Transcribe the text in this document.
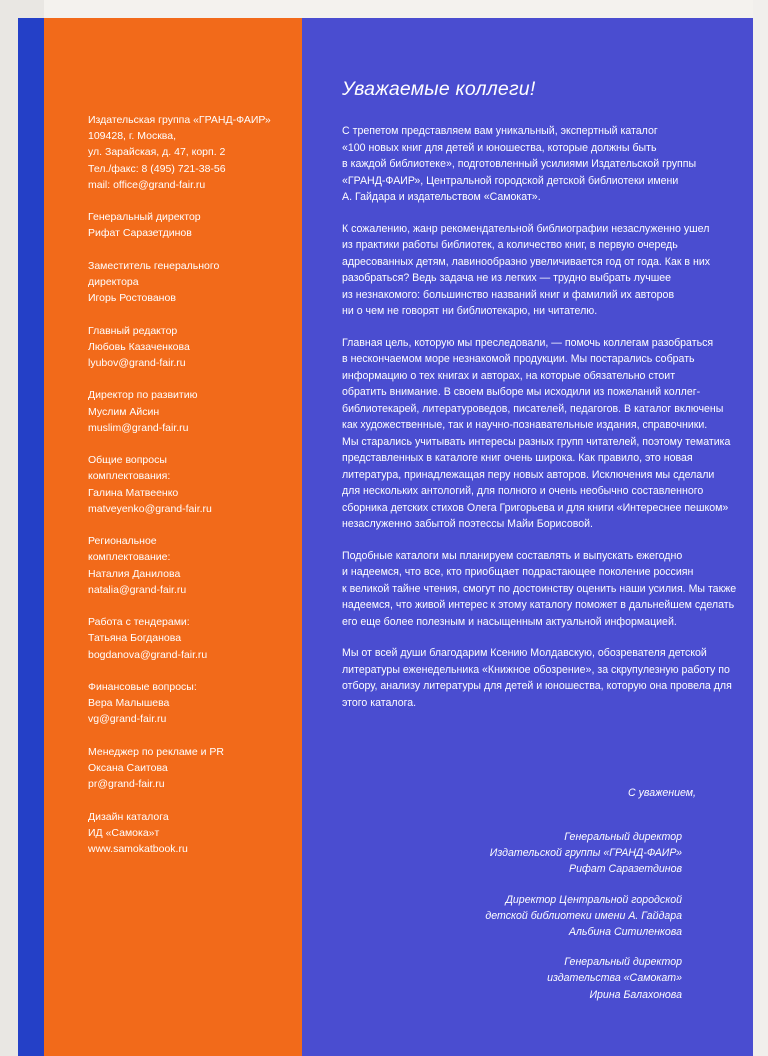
Издательская группа «ГРАНД-ФАИР»
109428, г. Москва,
ул. Зарайская, д. 47, корп. 2
Тел./факс: 8 (495) 721-38-56
mail: office@grand-fair.ru
Генеральный директор
Рифат Саразетдинов
Заместитель генерального
директора
Игорь Ростованов
Главный редактор
Любовь Казаченкова
lyubov@grand-fair.ru
Директор по развитию
Муслим Айсин
muslim@grand-fair.ru
Общие вопросы
комплектования:
Галина Матвеенко
matveyenko@grand-fair.ru
Региональное
комплектование:
Наталия Данилова
natalia@grand-fair.ru
Работа с тендерами:
Татьяна Богданова
bogdanova@grand-fair.ru
Финансовые вопросы:
Вера Малышева
vg@grand-fair.ru
Менеджер по рекламе и PR
Оксана Саитова
pr@grand-fair.ru
Дизайн каталога
ИД «Самока»т
www.samokatbook.ru
Уважаемые коллеги!
С трепетом представляем вам уникальный, экспертный каталог
«100 новых книг для детей и юношества, которые должны быть
в каждой библиотеке», подготовленный усилиями Издательской группы
«ГРАНД-ФАИР», Центральной городской детской библиотеки имени
А. Гайдара и издательством «Самокат».
К сожалению, жанр рекомендательной библиографии незаслуженно ушел
из практики работы библиотек, а количество книг, в первую очередь
адресованных детям, лавинообразно увеличивается год от года. Как в них
разобраться? Ведь задача не из легких — трудно выбрать лучшее
из незнакомого: большинство названий книг и фамилий их авторов
ни о чем не говорят ни библиотекарю, ни читателю.
Главная цель, которую мы преследовали, — помочь коллегам разобраться
в нескончаемом море незнакомой продукции. Мы постарались собрать
информацию о тех книгах и авторах, на которые обязательно стоит
обратить внимание. В своем выборе мы исходили из пожеланий коллег-
библиотекарей, литературоведов, писателей, педагогов. В каталог включены
как художественные, так и научно-познавательные издания, справочники.
Мы старались учитывать интересы разных групп читателей, поэтому тематика
представленных в каталоге книг очень широка. Как правило, это новая
литература, принадлежащая перу новых авторов. Исключения мы сделали
для нескольких антологий, для полного и очень необычно составленного
сборника детских стихов Олега Григорьева и для книги «Интереснее пешком»
незаслуженно забытой поэтессы Майи Борисовой.
Подобные каталоги мы планируем составлять и выпускать ежегодно
и надеемся, что все, кто приобщает подрастающее поколение россиян
к великой тайне чтения, смогут по достоинству оценить наши усилия. Мы также
надеемся, что живой интерес к этому каталогу поможет в дальнейшем сделать
его еще более полезным и насыщенным актуальной информацией.
Мы от всей души благодарим Ксению Молдавскую, обозревателя детской
литературы еженедельника «Книжное обозрение», за скрупулезную работу по
отбору, анализу литературы для детей и юношества, которую она провела для
этого каталога.
С уважением,
Генеральный директор
Издательской группы «ГРАНД-ФАИР»
Рифат Саразетдинов
Директор Центральной городской
детской библиотеки имени А. Гайдара
Альбина Ситиленкова
Генеральный директор
издательства «Самокат»
Ирина Балахонова
